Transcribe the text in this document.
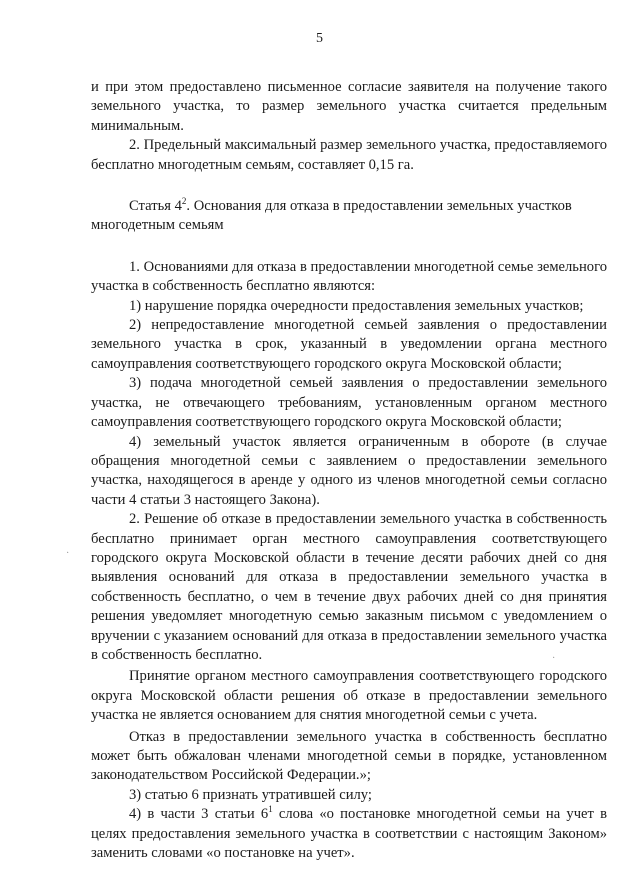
5

и при этом предоставлено письменное согласие заявителя на получение такого земельного участка, то размер земельного участка считается предельным минимальным.

2. Предельный максимальный размер земельного участка, предоставляемого бесплатно многодетным семьям, составляет 0,15 га.

Статья $4^2$. Основания для отказа в предоставлении земельных участков многодетным семьям

1. Основаниями для отказа в предоставлении многодетной семье земельного участка в собственность бесплатно являются:

1) нарушение порядка очередности предоставления земельных участков;

2) непредоставление многодетной семьей заявления о предоставлении земельного участка в срок, указанный в уведомлении органа местного самоуправления соответствующего городского округа Московской области;

3) подача многодетной семьей заявления о предоставлении земельного участка, не отвечающего требованиям, установленным органом местного самоуправления соответствующего городского округа Московской области;

4) земельный участок является ограниченным в обороте (в случае обращения многодетной семьи с заявлением о предоставлении земельного участка, находящегося в аренде у одного из членов многодетной семьи согласно части 4 статьи 3 настоящего Закона).

2. Решение об отказе в предоставлении земельного участка в собственность бесплатно принимает орган местного самоуправления соответствующего городского округа Московской области в течение десяти рабочих дней со дня выявления оснований для отказа в предоставлении земельного участка в собственность бесплатно, о чем в течение двух рабочих дней со дня принятия решения уведомляет многодетную семью заказным письмом с уведомлением о вручении с указанием оснований для отказа в предоставлении земельного участка в собственность бесплатно.

Принятие органом местного самоуправления соответствующего городского округа Московской области решения об отказе в предоставлении земельного участка не является основанием для снятия многодетной семьи с учета.

Отказ в предоставлении земельного участка в собственность бесплатно может быть обжалован членами многодетной семьи в порядке, установленном законодательством Российской Федерации.»;

3) статью 6 признать утратившей силу;

4) в части 3 статьи $6^1$ слова «о постановке многодетной семьи на учет в целях предоставления земельного участка в соответствии с настоящим Законом» заменить словами «о постановке на учет».

·
·
